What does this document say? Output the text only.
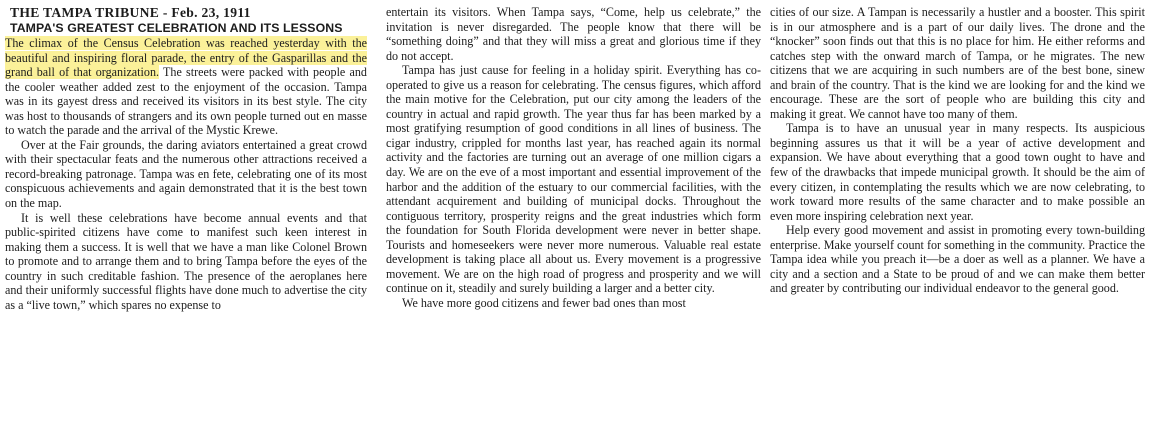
THE TAMPA TRIBUNE - Feb. 23, 1911
TAMPA'S GREATEST CELEBRATION AND ITS LESSONS

The climax of the Census Celebration was reached yesterday with the beautiful and inspiring floral parade, the entry of the Gasparillas and the grand ball of that organization. The streets were packed with people and the cooler weather added zest to the enjoyment of the occasion. Tampa was in its gayest dress and received its visitors in its best style. The city was host to thousands of strangers and its own people turned out en masse to watch the parade and the arrival of the Mystic Krewe.

Over at the Fair grounds, the daring aviators entertained a great crowd with their spectacular feats and the numerous other attractions received a record-breaking patronage. Tampa was en fete, celebrating one of its most conspicuous achievements and again demonstrated that it is the best town on the map.

It is well these celebrations have become annual events and that public-spirited citizens have come to manifest such keen interest in making them a success. It is well that we have a man like Colonel Brown to promote and to arrange them and to bring Tampa before the eyes of the country in such creditable fashion. The presence of the aeroplanes here and their uniformly successful flights have done much to advertise the city as a “live town,” which spares no expense to

entertain its visitors. When Tampa says, “Come, help us celebrate,” the invitation is never disregarded. The people know that there will be “something doing” and that they will miss a great and glorious time if they do not accept.

Tampa has just cause for feeling in a holiday spirit. Everything has co-operated to give us a reason for celebrating. The census figures, which afford the main motive for the Celebration, put our city among the leaders of the country in actual and rapid growth. The year thus far has been marked by a most gratifying resumption of good conditions in all lines of business. The cigar industry, crippled for months last year, has reached again its normal activity and the factories are turning out an average of one million cigars a day. We are on the eve of a most important and essential improvement of the harbor and the addition of the estuary to our commercial facilities, with the attendant acquirement and building of municipal docks. Throughout the contiguous territory, prosperity reigns and the great industries which form the foundation for South Florida development were never in better shape. Tourists and homeseekers were never more numerous. Valuable real estate development is taking place all about us. Every movement is a progressive movement. We are on the high road of progress and prosperity and we will continue on it, steadily and surely building a larger and a better city.

We have more good citizens and fewer bad ones than most

cities of our size. A Tampan is necessarily a hustler and a booster. This spirit is in our atmosphere and is a part of our daily lives. The drone and the “knocker” soon finds out that this is no place for him. He either reforms and catches step with the onward march of Tampa, or he migrates. The new citizens that we are acquiring in such numbers are of the best bone, sinew and brain of the country. That is the kind we are looking for and the kind we encourage. These are the sort of people who are building this city and making it great. We cannot have too many of them.

Tampa is to have an unusual year in many respects. Its auspicious beginning assures us that it will be a year of active development and expansion. We have about everything that a good town ought to have and few of the drawbacks that impede municipal growth. It should be the aim of every citizen, in contemplating the results which we are now celebrating, to work toward more results of the same character and to make possible an even more inspiring celebration next year.

Help every good movement and assist in promoting every town-building enterprise. Make yourself count for something in the community. Practice the Tampa idea while you preach it—be a doer as well as a planner. We have a city and a section and a State to be proud of and we can make them better and greater by contributing our individual endeavor to the general good.
